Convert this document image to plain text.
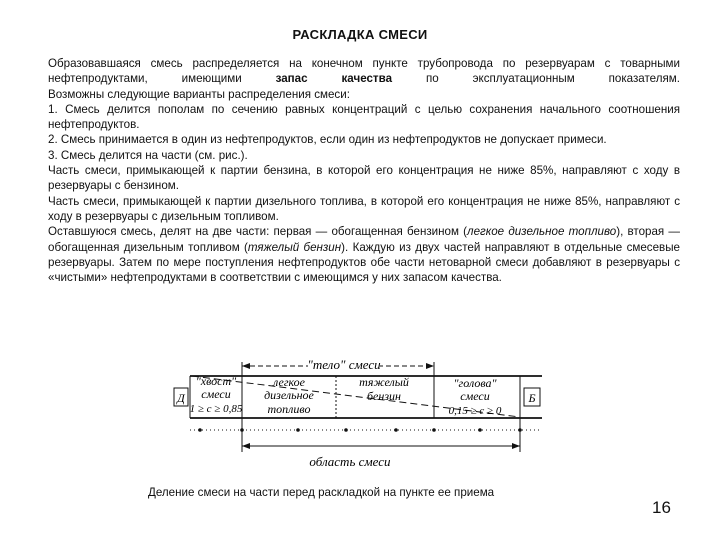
РАСКЛАДКА СМЕСИ

Образовавшаяся смесь распределяется на конечном пункте трубопровода по резервуарам с товарными нефтепродуктами, имеющими запас качества по эксплуатационным показателям.

Возможны следующие варианты распределения смеси:

1. Смесь делится пополам по сечению равных концентраций с целью сохранения начального соотношения нефтепродуктов.

2. Смесь принимается в один из нефтепродуктов, если один из нефтепродуктов не допускает примеси.

3. Смесь делится на части (см. рис.).

Часть смеси, примыкающей к партии бензина, в которой его концентрация не ниже 85%, направляют с ходу в резервуары с бензином.

Часть смеси, примыкающей к партии дизельного топлива, в которой его концентрация не ниже 85%, направляют с ходу в резервуары с дизельным топливом.

Оставшуюся смесь, делят на две части: первая — обогащенная бензином (легкое дизельное топливо), вторая — обогащенная дизельным топливом (тяжелый бензин). Каждую из двух частей направляют в отдельные смесевые резервуары. Затем по мере поступления нефтепродуктов обе части нетоварной смеси добавляют в резервуары с «чистыми» нефтепродуктами в соответствии с имеющимся у них запасом качества.

"тело" смеси
"хвост"
смеси
1 ≥ c ≥ 0,85
легкое
дизельное
топливо
тяжелый
бензин
"голова"
смеси
0,15 ≥ c ≥ 0
Д	Б
область смеси
Деление смеси на части перед раскладкой на пункте ее приема
16
